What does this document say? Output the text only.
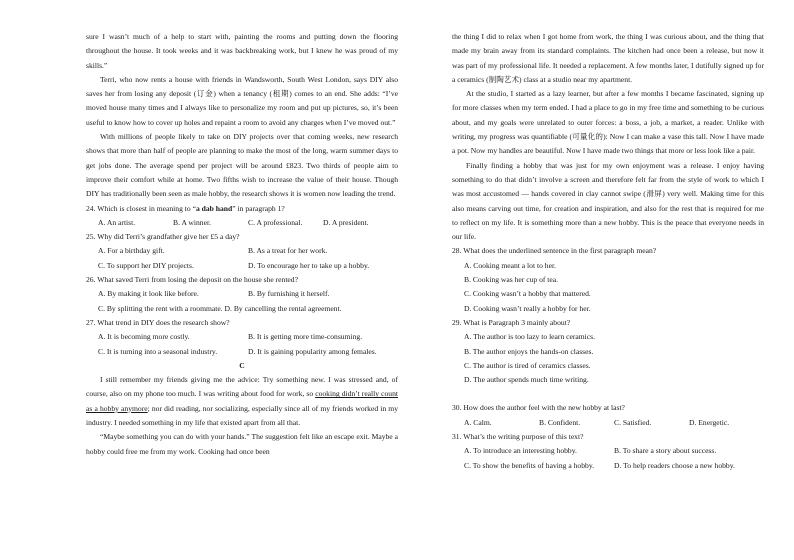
sure I wasn’t much of a help to start with, painting the rooms and putting down the flooring throughout the house. It took weeks and it was backbreaking work, but I knew he was proud of my skills.”

Terri, who now rents a house with friends in Wandsworth, South West London, says DIY also saves her from losing any deposit (订金) when a tenancy (租期) comes to an end. She adds: “I’ve moved house many times and I always like to personalize my room and put up pictures, so, it’s been useful to know how to cover up holes and repaint a room to avoid any charges when I’ve moved out.”

With millions of people likely to take on DIY projects over that coming weeks, new research shows that more than half of people are planning to make the most of the long, warm summer days to get jobs done. The average spend per project will be around £823. Two thirds of people aim to improve their comfort while at home. Two fifths wish to increase the value of their house. Though DIY has traditionally been seen as male hobby, the research shows it is women now leading the trend.

24. Which is closest in meaning to “a dab hand” in paragraph 1?

A. An artist.	B. A winner.	C. A professional.	D. A president.

25. Why did Terri’s grandfather give her £5 a day?

A. For a birthday gift.	B. As a treat for her work.

C. To support her DIY projects.	D. To encourage her to take up a hobby.

26. What saved Terri from losing the deposit on the house she rented?

A. By making it look like before.	B. By furnishing it herself.

C. By splitting the rent with a roommate. D. By cancelling the rental agreement.

27. What trend in DIY does the research show?

A. It is becoming more costly.	B. It is getting more time-consuming.

C. It is turning into a seasonal industry.	D. It is gaining popularity among females.

C

I still remember my friends giving me the advice: Try something new. I was stressed and, of course, also on my phone too much. I was writing about food for work, so cooking didn’t really count as a hobby anymore; nor did reading, nor socializing, especially since all of my friends worked in my industry. I needed something in my life that existed apart from all that.

“Maybe something you can do with your hands.” The suggestion felt like an escape exit. Maybe a hobby could free me from my work. Cooking had once been

the thing I did to relax when I got home from work, the thing I was curious about, and the thing that made my brain away from its standard complaints. The kitchen had once been a release, but now it was part of my professional life. It needed a replacement. A few months later, I dutifully signed up for a ceramics (制陶艺术) class at a studio near my apartment.

At the studio, I started as a lazy learner, but after a few months I became fascinated, signing up for more classes when my term ended. I had a place to go in my free time and something to be curious about, and my goals were unrelated to outer forces: a boss, a job, a market, a reader. Unlike with writing, my progress was quantifiable (可量化的): Now I can make a vase this tall. Now I have made a pot. Now my handles are beautiful. Now I have made two things that more or less look like a pair.

Finally finding a hobby that was just for my own enjoyment was a release. I enjoy having something to do that didn’t involve a screen and therefore felt far from the style of work to which I was most accustomed — hands covered in clay cannot swipe (滑屏) very well. Making time for this also means carving out time, for creation and inspiration, and also for the rest that is required for me to reflect on my life. It is something more than a new hobby. This is the peace that everyone needs in our life.

28. What does the underlined sentence in the first paragraph mean?

A. Cooking meant a lot to her.

B. Cooking was her cup of tea.

C. Cooking wasn’t a hobby that mattered.

D. Cooking wasn’t really a hobby for her.

29. What is Paragraph 3 mainly about?

A. The author is too lazy to learn ceramics.

B. The author enjoys the hands-on classes.

C. The author is tired of ceramics classes.

D. The author spends much time writing.

30. How does the author feel with the new hobby at last?

A. Calm.	B. Confident.	C. Satisfied.	D. Energetic.

31. What’s the writing purpose of this text?

A. To introduce an interesting hobby.	B. To share a story about success.

C. To show the benefits of having a hobby.	D. To help readers choose a new hobby.
